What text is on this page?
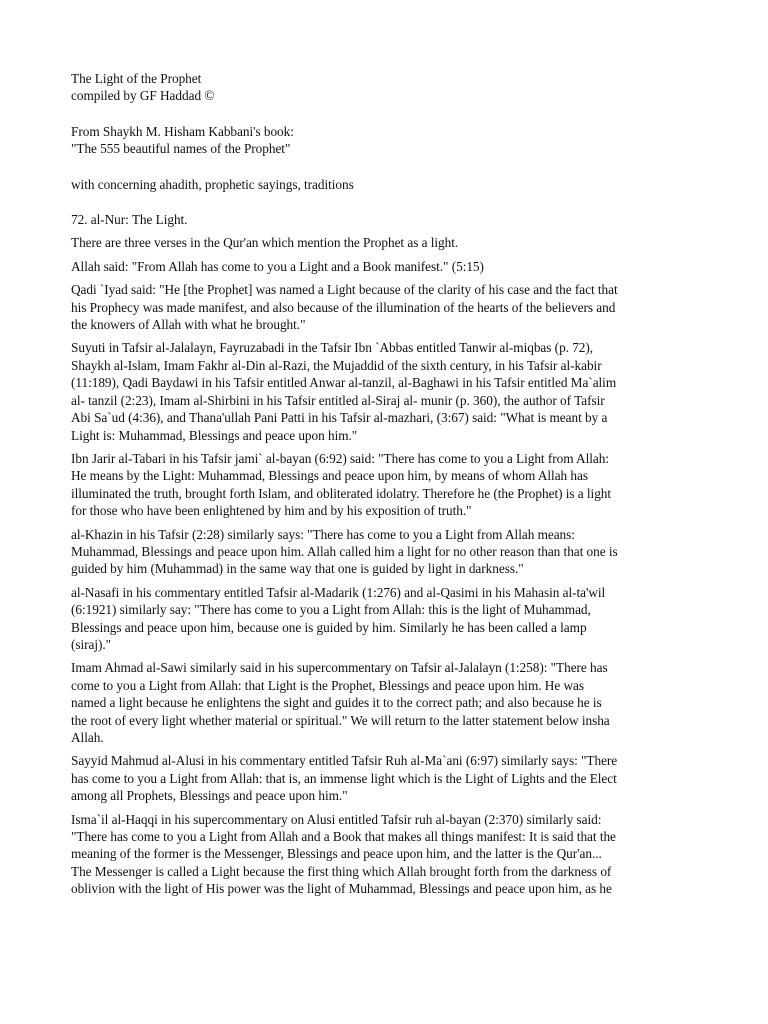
The Light of the Prophet
compiled by GF Haddad ©
From Shaykh M. Hisham Kabbani's book:
"The 555 beautiful names of the Prophet"
with concerning ahadith, prophetic sayings, traditions
72. al-Nur: The Light.
There are three verses in the Qur'an which mention the Prophet as a light.
Allah said: "From Allah has come to you a Light and a Book manifest." (5:15)
Qadi `Iyad said: "He [the Prophet] was named a Light because of the clarity of his case and the fact that
his Prophecy was made manifest, and also because of the illumination of the hearts of the believers and
the knowers of Allah with what he brought."
Suyuti in Tafsir al-Jalalayn, Fayruzabadi in the Tafsir Ibn `Abbas entitled Tanwir al-miqbas (p. 72),
Shaykh al-Islam, Imam Fakhr al-Din al-Razi, the Mujaddid of the sixth century, in his Tafsir al-kabir
(11:189), Qadi Baydawi in his Tafsir entitled Anwar al-tanzil, al-Baghawi in his Tafsir entitled Ma`alim
al- tanzil (2:23), Imam al-Shirbini in his Tafsir entitled al-Siraj al- munir (p. 360), the author of Tafsir
Abi Sa`ud (4:36), and Thana'ullah Pani Patti in his Tafsir al-mazhari, (3:67) said: "What is meant by a
Light is: Muhammad, Blessings and peace upon him."
Ibn Jarir al-Tabari in his Tafsir jami` al-bayan (6:92) said: "There has come to you a Light from Allah:
He means by the Light: Muhammad, Blessings and peace upon him, by means of whom Allah has
illuminated the truth, brought forth Islam, and obliterated idolatry. Therefore he (the Prophet) is a light
for those who have been enlightened by him and by his exposition of truth."
al-Khazin in his Tafsir (2:28) similarly says: "There has come to you a Light from Allah means:
Muhammad, Blessings and peace upon him. Allah called him a light for no other reason than that one is
guided by him (Muhammad) in the same way that one is guided by light in darkness."
al-Nasafi in his commentary entitled Tafsir al-Madarik (1:276) and al-Qasimi in his Mahasin al-ta'wil
(6:1921) similarly say: "There has come to you a Light from Allah: this is the light of Muhammad,
Blessings and peace upon him, because one is guided by him. Similarly he has been called a lamp
(siraj)."
Imam Ahmad al-Sawi similarly said in his supercommentary on Tafsir al-Jalalayn (1:258): "There has
come to you a Light from Allah: that Light is the Prophet, Blessings and peace upon him. He was
named a light because he enlightens the sight and guides it to the correct path; and also because he is
the root of every light whether material or spiritual." We will return to the latter statement below insha
Allah.
Sayyid Mahmud al-Alusi in his commentary entitled Tafsir Ruh al-Ma`ani (6:97) similarly says: "There
has come to you a Light from Allah: that is, an immense light which is the Light of Lights and the Elect
among all Prophets, Blessings and peace upon him."
Isma`il al-Haqqi in his supercommentary on Alusi entitled Tafsir ruh al-bayan (2:370) similarly said:
"There has come to you a Light from Allah and a Book that makes all things manifest: It is said that the
meaning of the former is the Messenger, Blessings and peace upon him, and the latter is the Qur'an...
The Messenger is called a Light because the first thing which Allah brought forth from the darkness of
oblivion with the light of His power was the light of Muhammad, Blessings and peace upon him, as he
